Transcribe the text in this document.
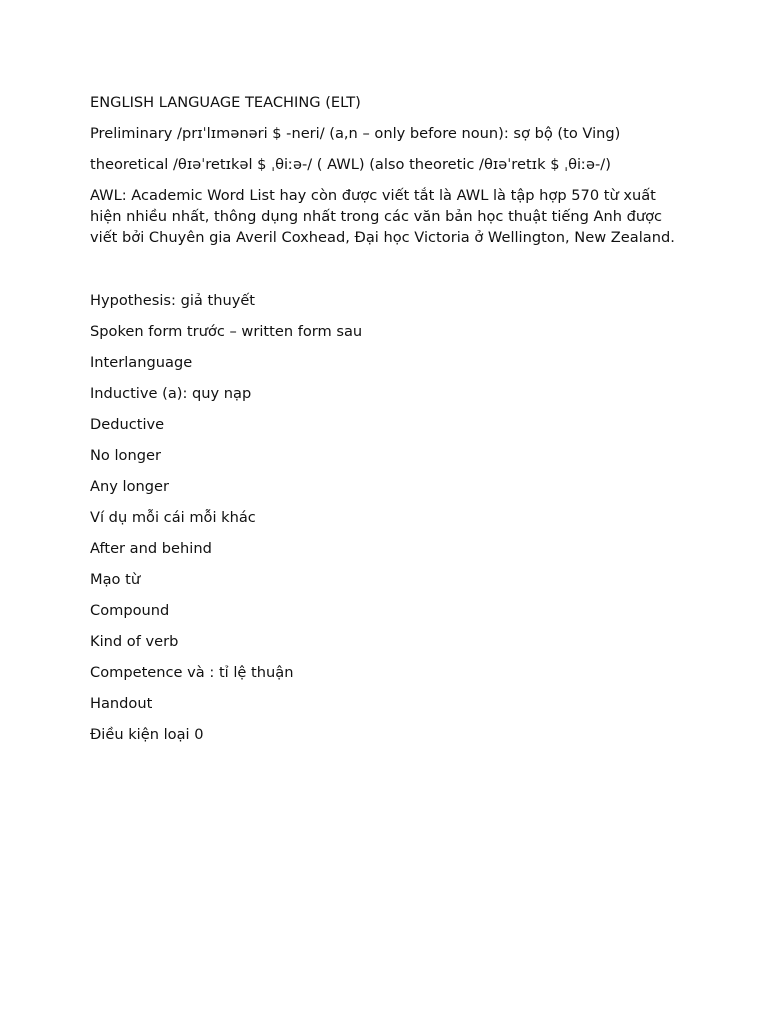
ENGLISH LANGUAGE TEACHING (ELT)

Preliminary /prɪˈlɪmənəri $ -neri/ (a,n – only before noun): sợ bộ (to Ving)

theoretical /θɪəˈretɪkəl $ ˌθiːə-/ ( AWL) (also theoretic /θɪəˈretɪk $ ˌθiːə-/)

AWL: Academic Word List hay còn được viết tắt là AWL là tập hợp 570 từ xuất hiện nhiều nhất, thông dụng nhất trong các văn bản học thuật tiếng Anh được viết bởi Chuyên gia Averil Coxhead, Đại học Victoria ở Wellington, New Zealand.

Hypothesis: giả thuyết

Spoken form trước – written form sau

Interlanguage

Inductive (a): quy nạp

Deductive

No longer

Any longer

Ví dụ mỗi cái mỗi khác

After and behind

Mạo từ

Compound

Kind of verb

Competence và : tỉ lệ thuận

Handout

Điều kiện loại 0
